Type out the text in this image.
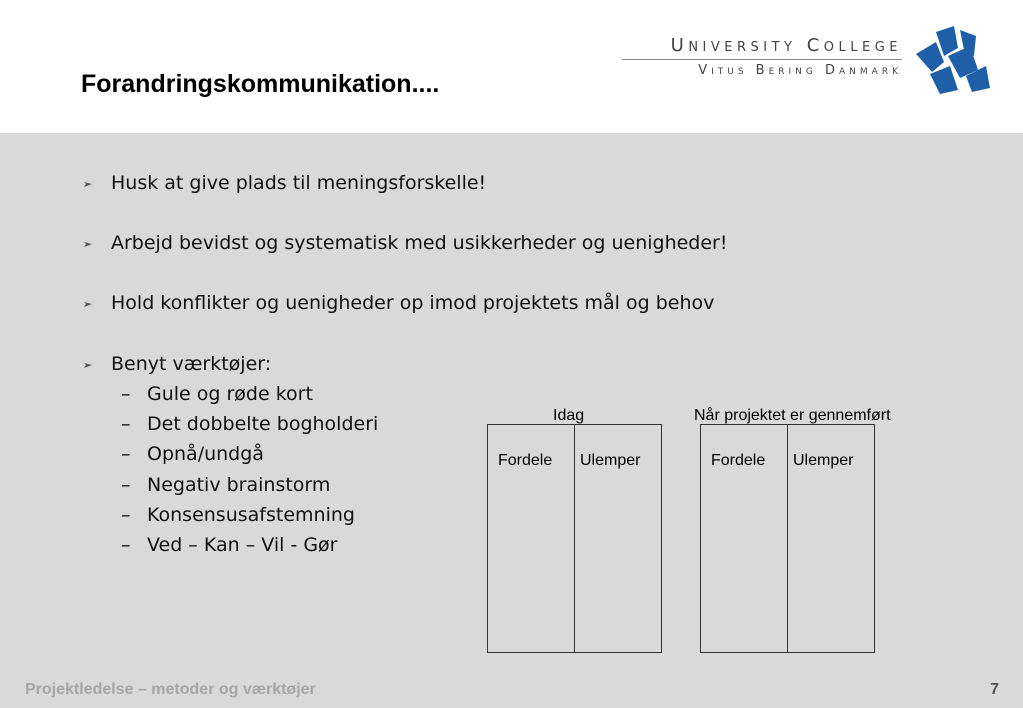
Forandringskommunikation....
University College
Vitus Bering Danmark
Husk at give plads til meningsforskelle!
Arbejd bevidst og systematisk med usikkerheder og uenigheder!
Hold konflikter og uenigheder op imod projektets mål og behov
Benyt værktøjer:
– Gule og røde kort
– Det dobbelte bogholderi
– Opnå/undgå
– Negativ brainstorm
– Konsensusafstemning
– Ved – Kan – Vil - Gør
Idag
Fordele Ulemper
Når projektet er gennemført
Fordele Ulemper
Projektledelse – metoder og værktøjer	7
